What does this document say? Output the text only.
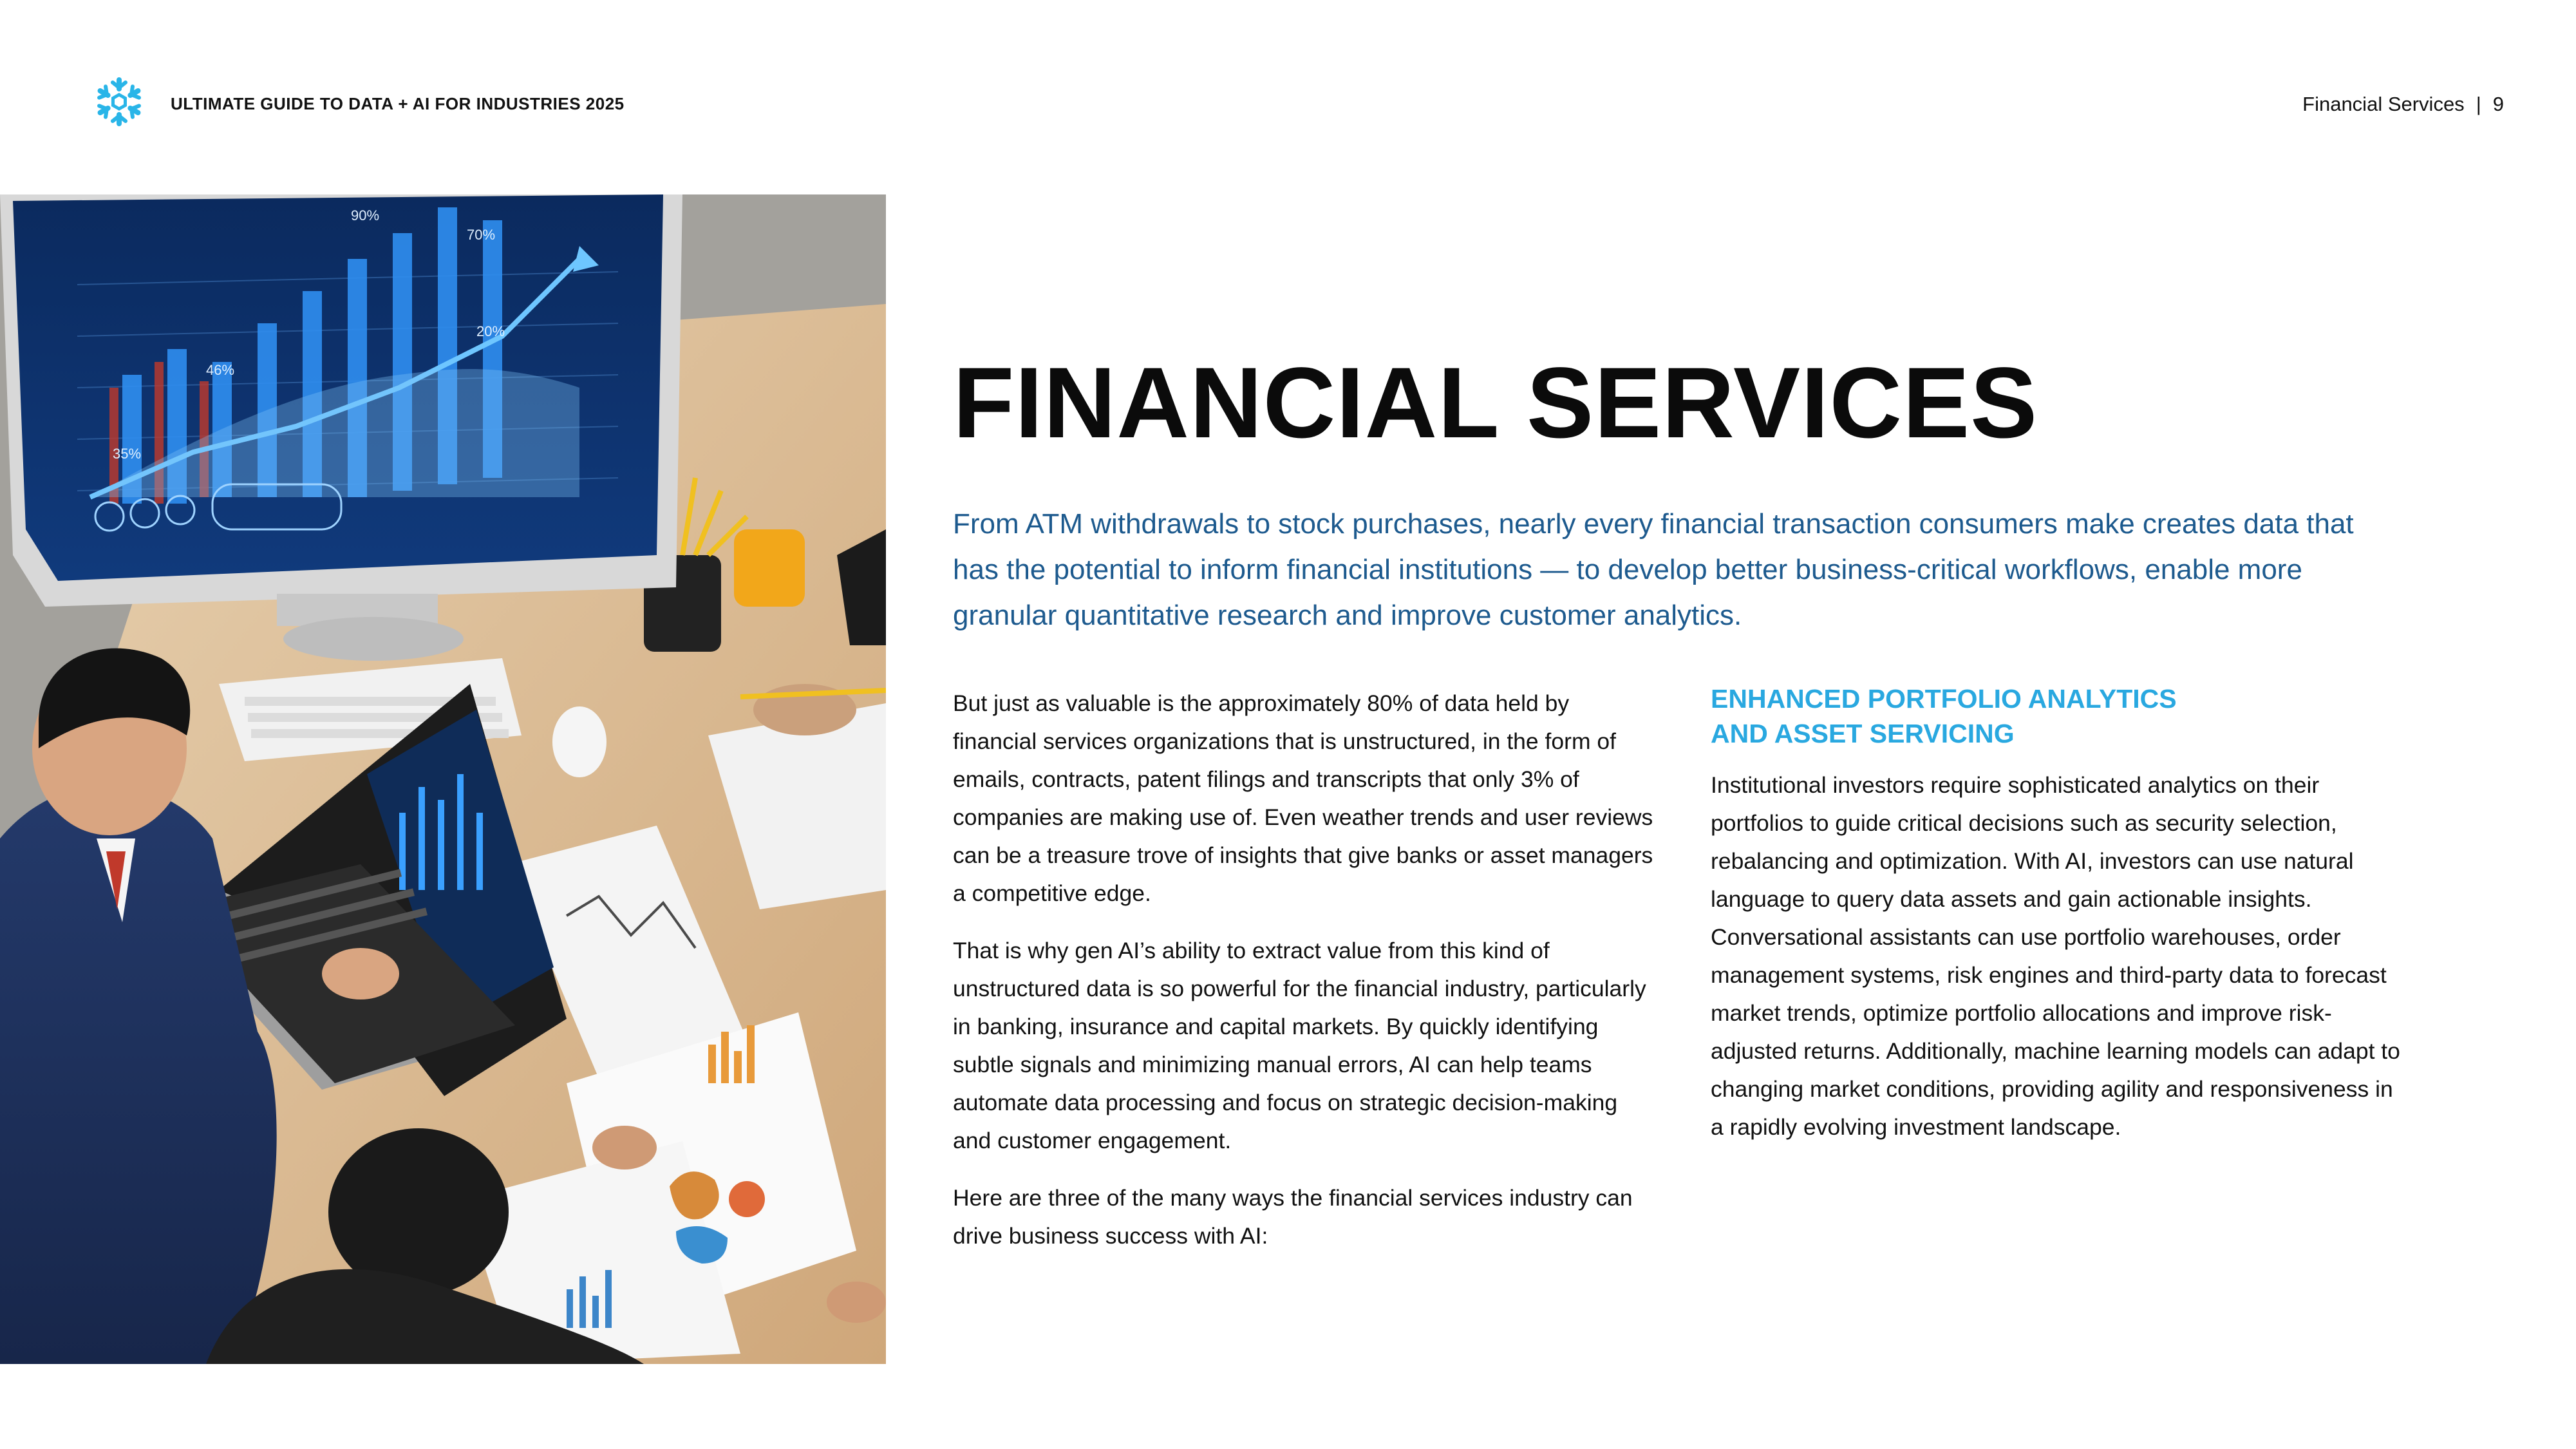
ULTIMATE GUIDE TO DATA + AI FOR INDUSTRIES 2025	Financial Services | 9
90%
70%
46%
35%
20%
FINANCIAL SERVICES
From ATM withdrawals to stock purchases, nearly every financial transaction consumers make creates data that has the potential to inform financial institutions — to develop better business-critical workflows, enable more granular quantitative research and improve customer analytics.

But just as valuable is the approximately 80% of data held by financial services organizations that is unstructured, in the form of emails, contracts, patent filings and transcripts that only 3% of companies are making use of. Even weather trends and user reviews can be a treasure trove of insights that give banks or asset managers a competitive edge.

That is why gen AI’s ability to extract value from this kind of unstructured data is so powerful for the financial industry, particularly in banking, insurance and capital markets. By quickly identifying subtle signals and minimizing manual errors, AI can help teams automate data processing and focus on strategic decision-making and customer engagement.

Here are three of the many ways the financial services industry can drive business success with AI:

ENHANCED PORTFOLIO ANALYTICS
AND ASSET SERVICING

Institutional investors require sophisticated analytics on their portfolios to guide critical decisions such as security selection, rebalancing and optimization. With AI, investors can use natural language to query data assets and gain actionable insights. Conversational assistants can use portfolio warehouses, order management systems, risk engines and third-party data to forecast market trends, optimize portfolio allocations and improve risk-adjusted returns. Additionally, machine learning models can adapt to changing market conditions, providing agility and responsiveness in a rapidly evolving investment landscape.
